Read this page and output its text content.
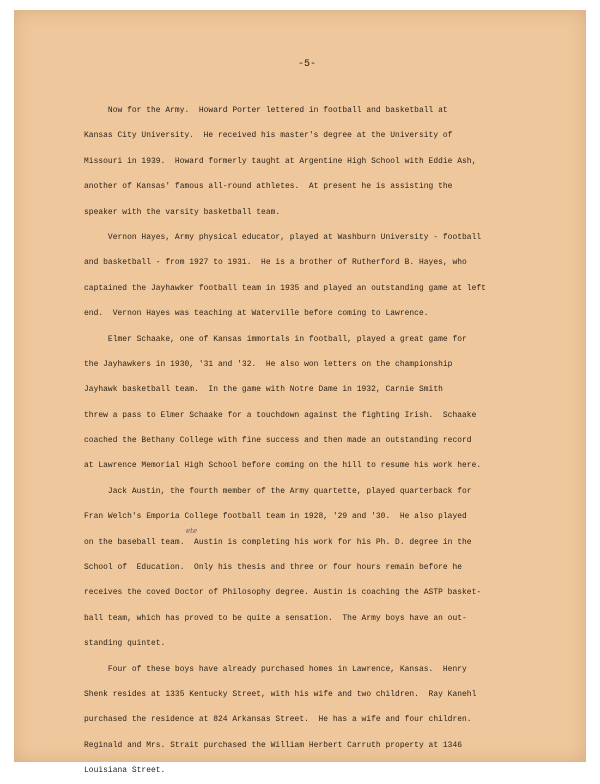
-5-
Now for the Army.  Howard Porter lettered in football and basketball at
Kansas City University.  He received his master's degree at the University of
Missouri in 1939.  Howard formerly taught at Argentine High School with Eddie Ash,
another of Kansas' famous all-round athletes.  At present he is assisting the
speaker with the varsity basketball team.
Vernon Hayes, Army physical educator, played at Washburn University - football
and basketball - from 1927 to 1931.  He is a brother of Rutherford B. Hayes, who
captained the Jayhawker football team in 1935 and played an outstanding game at left
end.  Vernon Hayes was teaching at Waterville before coming to Lawrence.
Elmer Schaake, one of Kansas immortals in football, played a great game for
the Jayhawkers in 1930, '31 and '32.  He also won letters on the championship
Jayhawk basketball team.  In the game with Notre Dame in 1932, Carnie Smith
threw a pass to Elmer Schaake for a touchdown against the fighting Irish.  Schaake
coached the Bethany College with fine success and then made an outstanding record
at Lawrence Memorial High School before coming on the hill to resume his work here.
Jack Austin, the fourth member of the Army quartette, played quarterback for
Fran Welch's Emporia College football team in 1928, '29 and '30.  He also played
on the baseball team.  Austin is completing his work for his Ph. D. degree in the
School of  Education.  Only his thesis and three or four hours remain before he
receives the coved Doctor of Philosophy degree. Austin is coaching the ASTP basket-
ball team, which has proved to be quite a sensation.  The Army boys have an out-
standing quintet.
Four of these boys have already purchased homes in Lawrence, Kansas.  Henry
Shenk resides at 1335 Kentucky Street, with his wife and two children.  Ray Kanehl
purchased the residence at 824 Arkansas Street.  He has a wife and four children.
Reginald and Mrs. Strait purchased the William Herbert Carruth property at 1346
Louisiana Street.
ete
